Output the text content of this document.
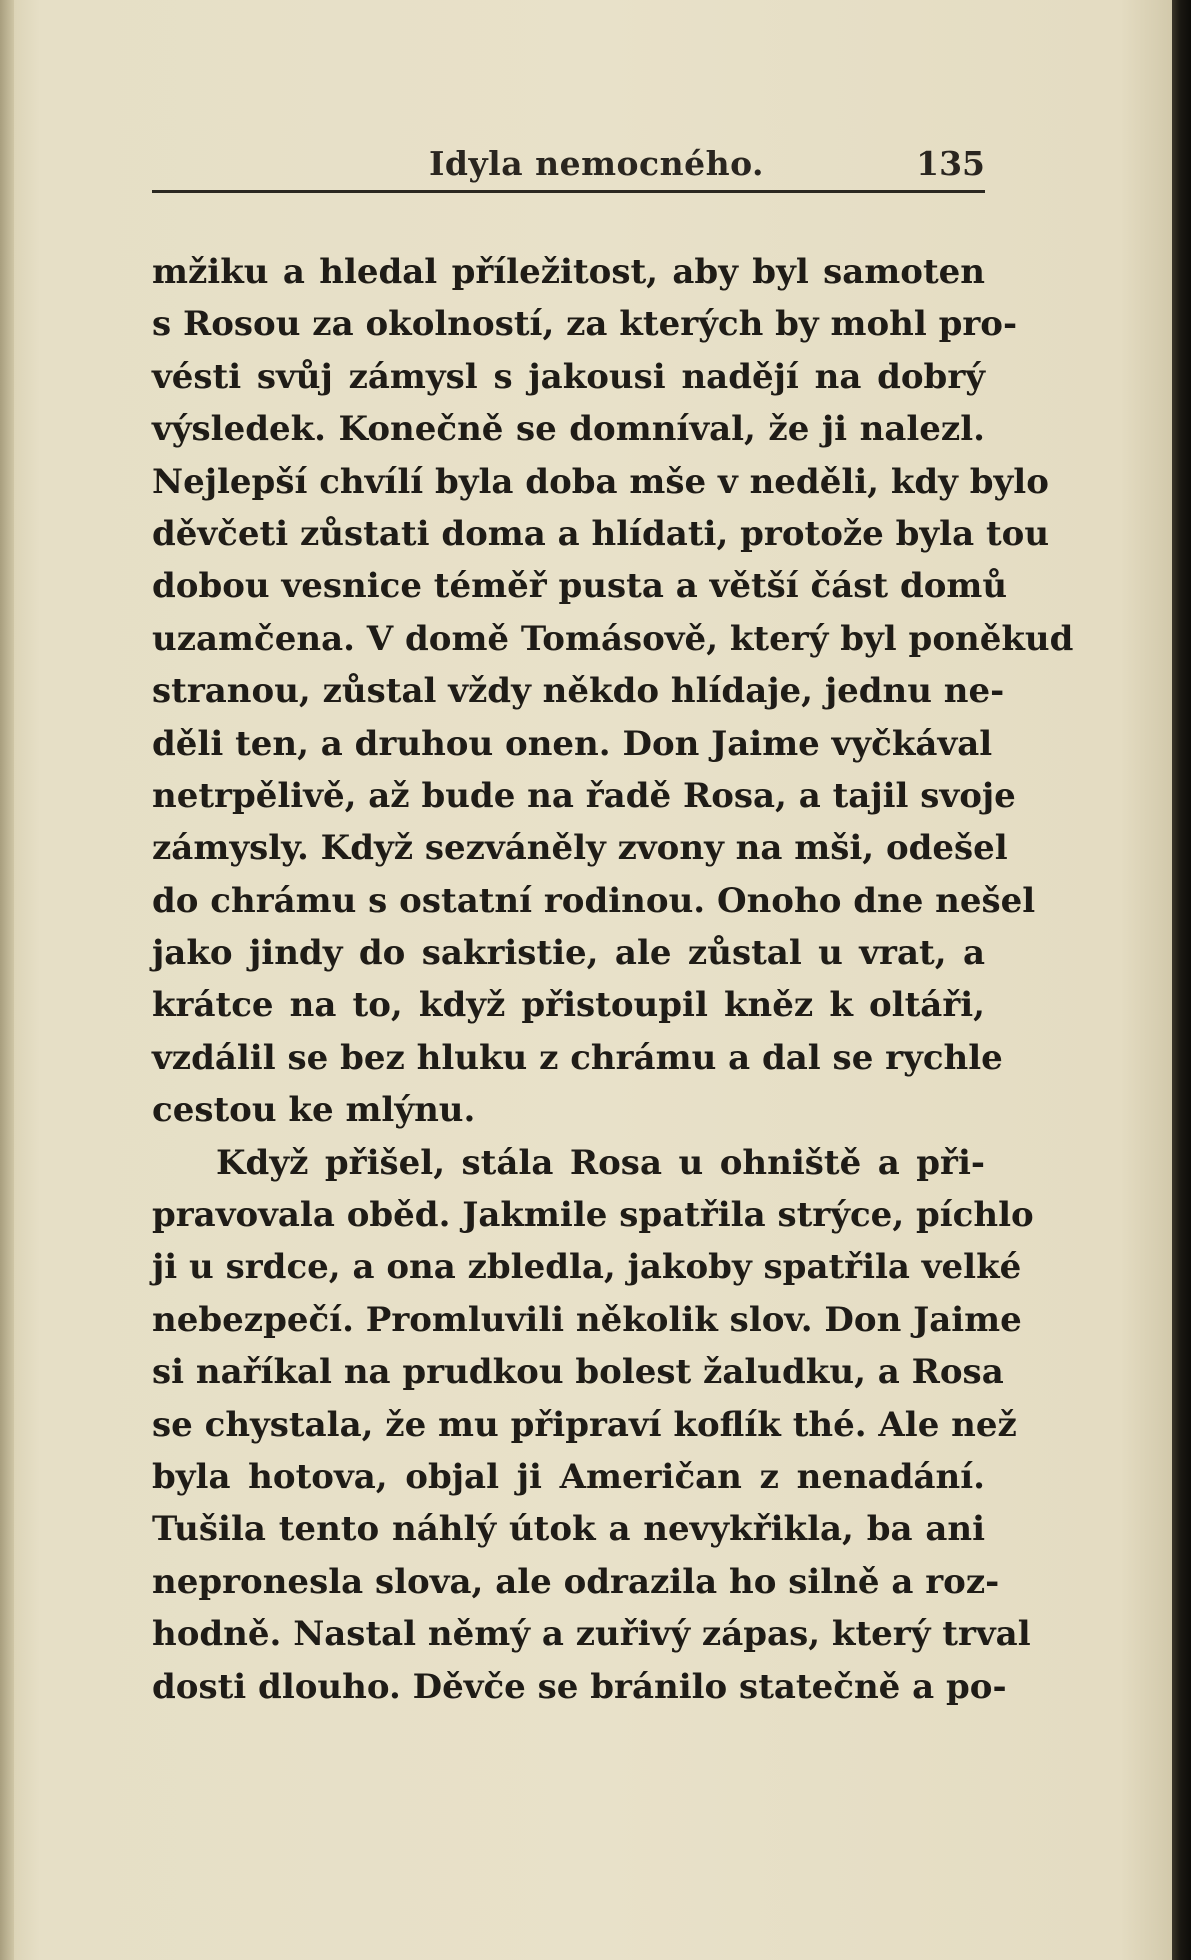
Idyla nemocného.	135
mžiku a hledal příležitost, aby byl samoten
s Rosou za okolností, za kterých by mohl pro-
vésti svůj zámysl s jakousi nadějí na dobrý
výsledek. Konečně se domníval, že ji nalezl.
Nejlepší chvílí byla doba mše v neděli, kdy bylo
děvčeti zůstati doma a hlídati, protože byla tou
dobou vesnice téměř pusta a větší část domů
uzamčena. V domě Tomásově, který byl poněkud
stranou, zůstal vždy někdo hlídaje, jednu ne-
děli ten, a druhou onen. Don Jaime vyčkával
netrpělivě, až bude na řadě Rosa, a tajil svoje
zámysly. Když sezváněly zvony na mši, odešel
do chrámu s ostatní rodinou. Onoho dne nešel
jako jindy do sakristie, ale zůstal u vrat, a
krátce na to, když přistoupil kněz k oltáři,
vzdálil se bez hluku z chrámu a dal se rychle
cestou ke mlýnu.
Když přišel, stála Rosa u ohniště a při-
pravovala oběd. Jakmile spatřila strýce, píchlo
ji u srdce, a ona zbledla, jakoby spatřila velké
nebezpečí. Promluvili několik slov. Don Jaime
si naříkal na prudkou bolest žaludku, a Rosa
se chystala, že mu připraví koflík thé. Ale než
byla hotova, objal ji Američan z nenadání.
Tušila tento náhlý útok a nevykřikla, ba ani
nepronesla slova, ale odrazila ho silně a roz-
hodně. Nastal němý a zuřivý zápas, který trval
dosti dlouho. Děvče se bránilo statečně a po-
